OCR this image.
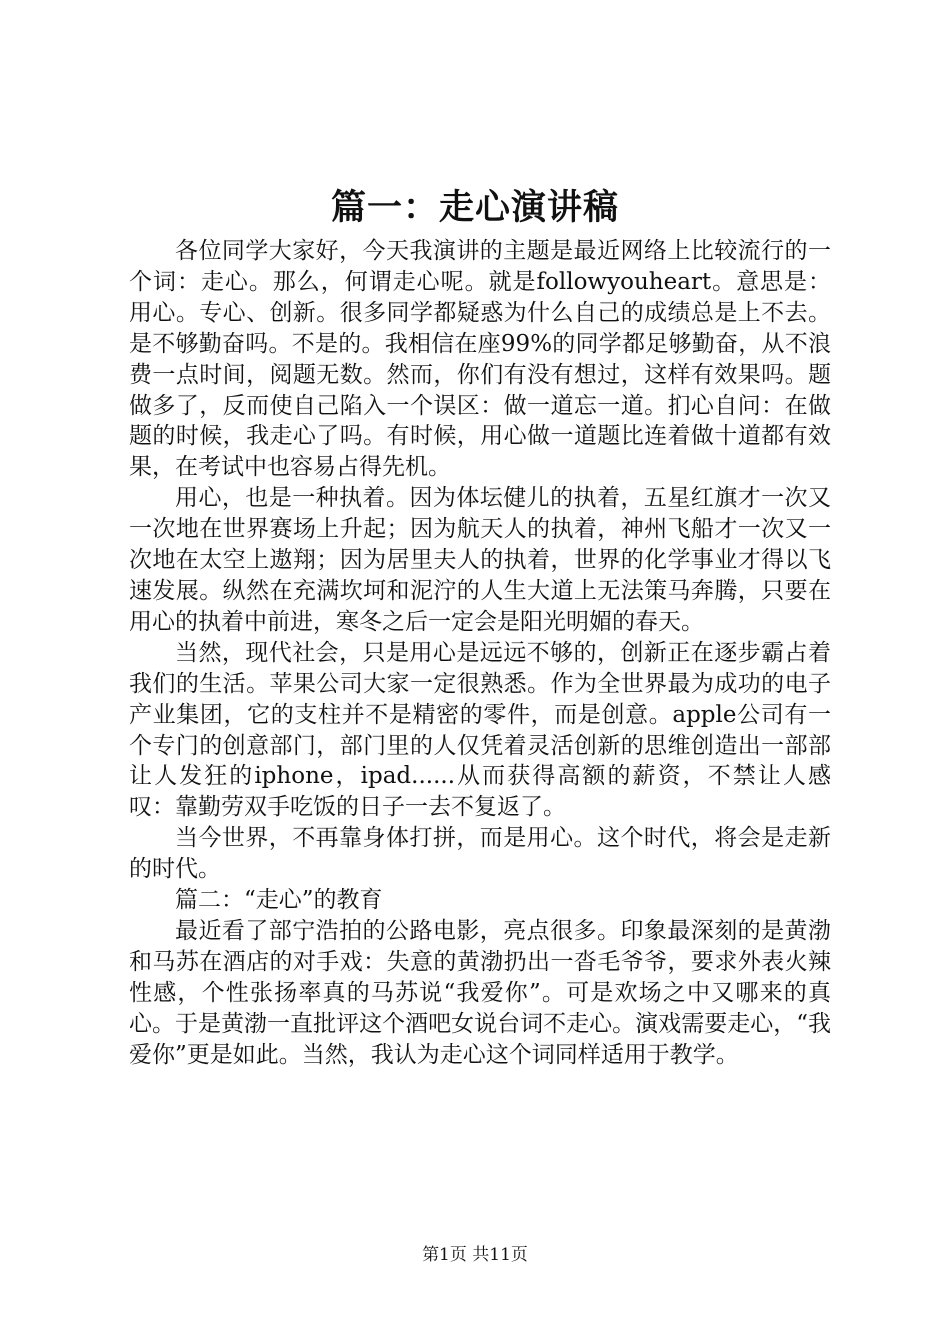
篇一：走心演讲稿

各位同学大家好，今天我演讲的主题是最近网络上比较流行的一个词：走心。那么，何谓走心呢。就是followyouheart。意思是：用心。专心、创新。很多同学都疑惑为什么自己的成绩总是上不去。是不够勤奋吗。不是的。我相信在座99%的同学都足够勤奋，从不浪费一点时间，阅题无数。然而，你们有没有想过，这样有效果吗。题做多了，反而使自己陷入一个误区：做一道忘一道。扪心自问：在做题的时候，我走心了吗。有时候，用心做一道题比连着做十道都有效果，在考试中也容易占得先机。

用心，也是一种执着。因为体坛健儿的执着，五星红旗才一次又一次地在世界赛场上升起；因为航天人的执着，神州飞船才一次又一次地在太空上遨翔；因为居里夫人的执着，世界的化学事业才得以飞速发展。纵然在充满坎坷和泥泞的人生大道上无法策马奔腾，只要在用心的执着中前进，寒冬之后一定会是阳光明媚的春天。

当然，现代社会，只是用心是远远不够的，创新正在逐步霸占着我们的生活。苹果公司大家一定很熟悉。作为全世界最为成功的电子产业集团，它的支柱并不是精密的零件，而是创意。apple公司有一个专门的创意部门，部门里的人仅凭着灵活创新的思维创造出一部部让人发狂的iphone，ipad......从而获得高额的薪资，不禁让人感叹：靠勤劳双手吃饭的日子一去不复返了。

当今世界，不再靠身体打拼，而是用心。这个时代，将会是走新的时代。

篇二：“走心”的教育

最近看了部宁浩拍的公路电影，亮点很多。印象最深刻的是黄渤和马苏在酒店的对手戏：失意的黄渤扔出一沓毛爷爷，要求外表火辣性感，个性张扬率真的马苏说“我爱你”。可是欢场之中又哪来的真心。于是黄渤一直批评这个酒吧女说台词不走心。演戏需要走心，“我爱你”更是如此。当然，我认为走心这个词同样适用于教学。

第1页 共11页
